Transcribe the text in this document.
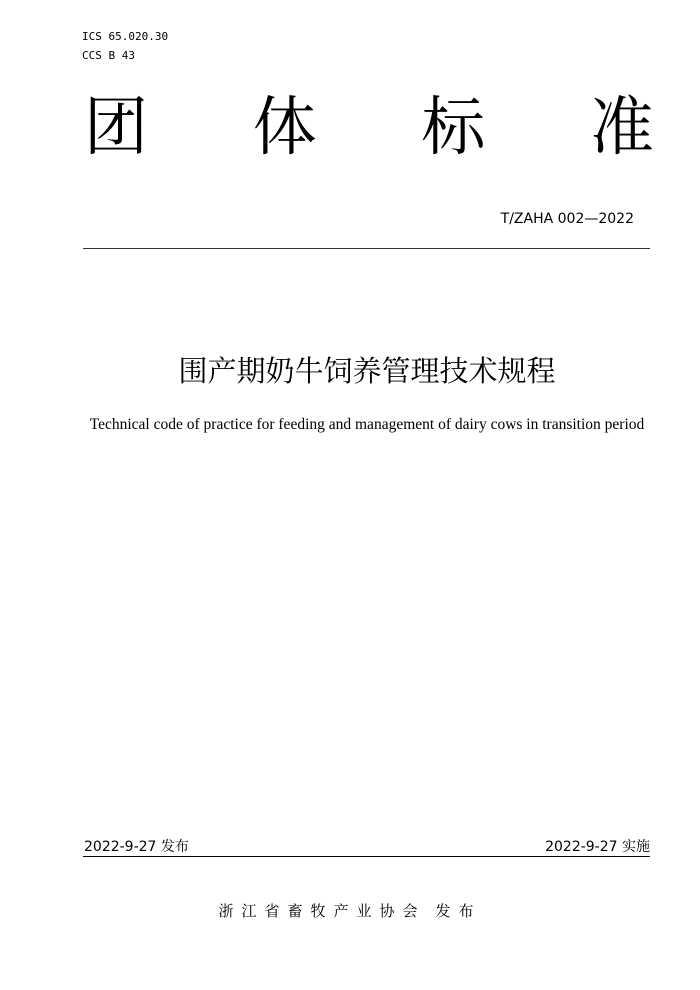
ICS 65.020.30
CCS B 43
团 体 标 准
T/ZAHA 002—2022
围产期奶牛饲养管理技术规程
Technical code of practice for feeding and management of dairy cows in transition period
2022-9-27 发布	2022-9-27 实施
浙江省畜牧产业协会 发布
